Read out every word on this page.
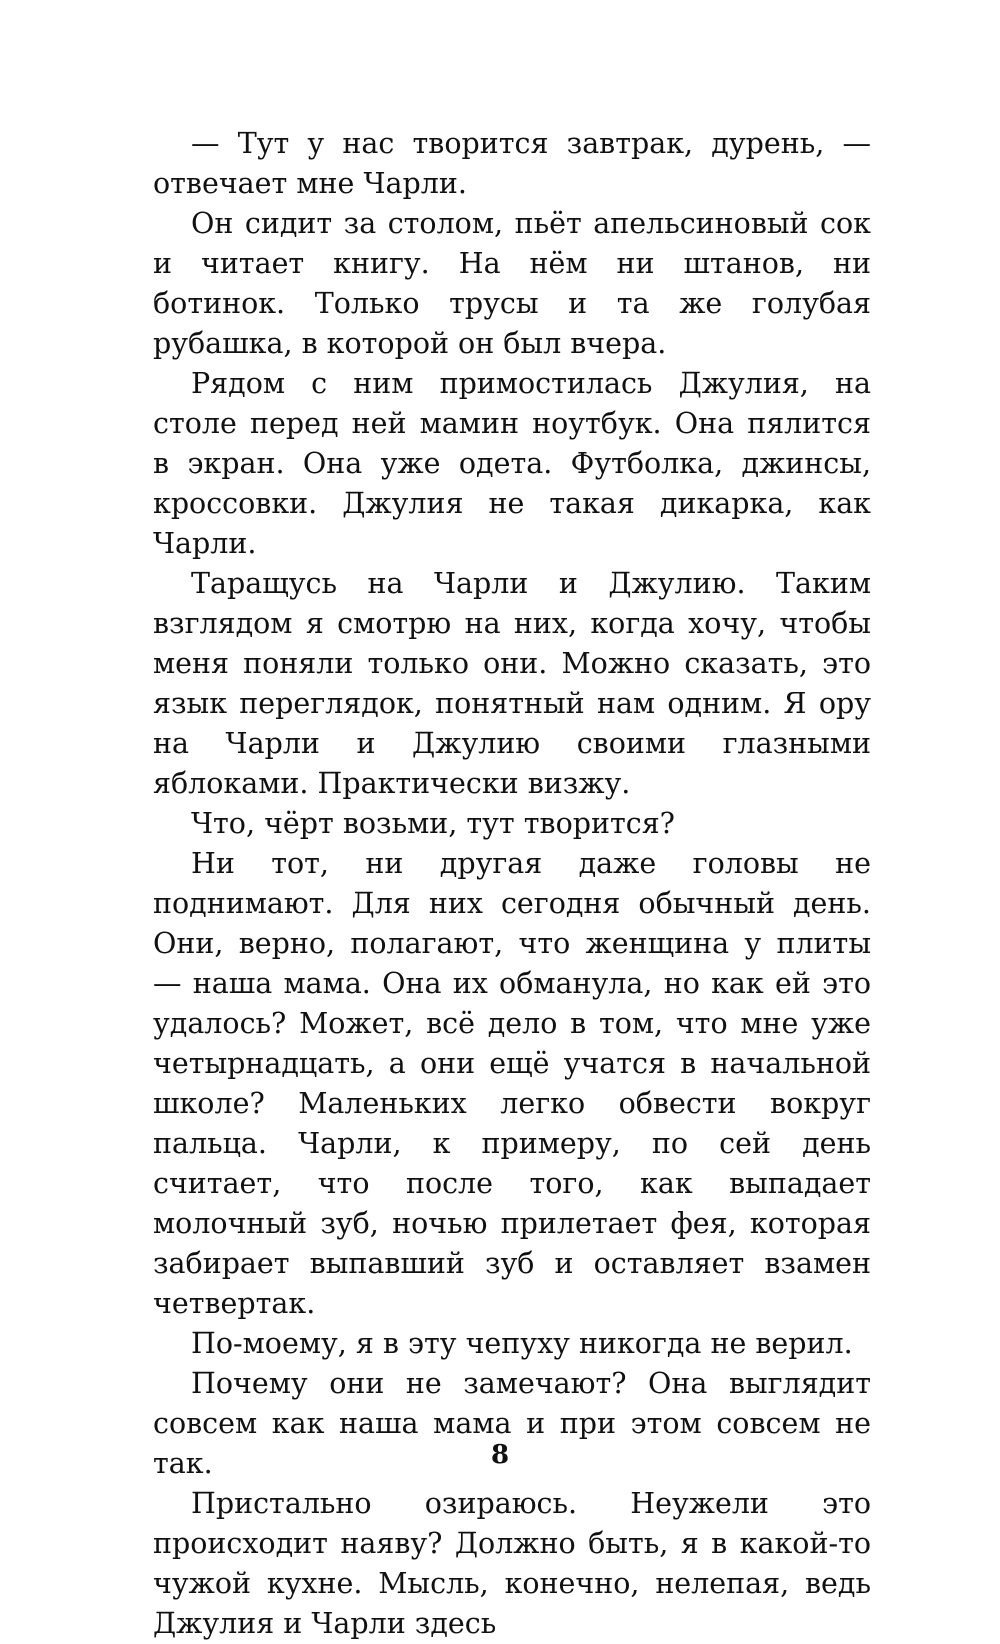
— Тут у нас творится завтрак, дурень, — отвечает мне Чарли.

Он сидит за столом, пьёт апельсиновый сок и читает книгу. На нём ни штанов, ни ботинок. Только трусы и та же голубая рубашка, в которой он был вчера.

Рядом с ним примостилась Джулия, на столе перед ней мамин ноутбук. Она пялится в экран. Она уже одета. Футболка, джинсы, кроссовки. Джулия не такая дикарка, как Чарли.

Таращусь на Чарли и Джулию. Таким взглядом я смотрю на них, когда хочу, чтобы меня поняли только они. Можно сказать, это язык переглядок, понятный нам одним. Я ору на Чарли и Джулию своими глазными яблоками. Практически визжу.

Что, чёрт возьми, тут творится?

Ни тот, ни другая даже головы не поднимают. Для них сегодня обычный день. Они, верно, полагают, что женщина у плиты — наша мама. Она их обманула, но как ей это удалось? Может, всё дело в том, что мне уже четырнадцать, а они ещё учатся в начальной школе? Маленьких легко обвести вокруг пальца. Чарли, к примеру, по сей день считает, что после того, как выпадает молочный зуб, ночью прилетает фея, которая забирает выпавший зуб и оставляет взамен четвертак.

По-моему, я в эту чепуху никогда не верил.

Почему они не замечают? Она выглядит совсем как наша мама и при этом совсем не так.

Пристально озираюсь. Неужели это происходит наяву? Должно быть, я в какой-то чужой кухне. Мысль, конечно, нелепая, ведь Джулия и Чарли здесь

8
